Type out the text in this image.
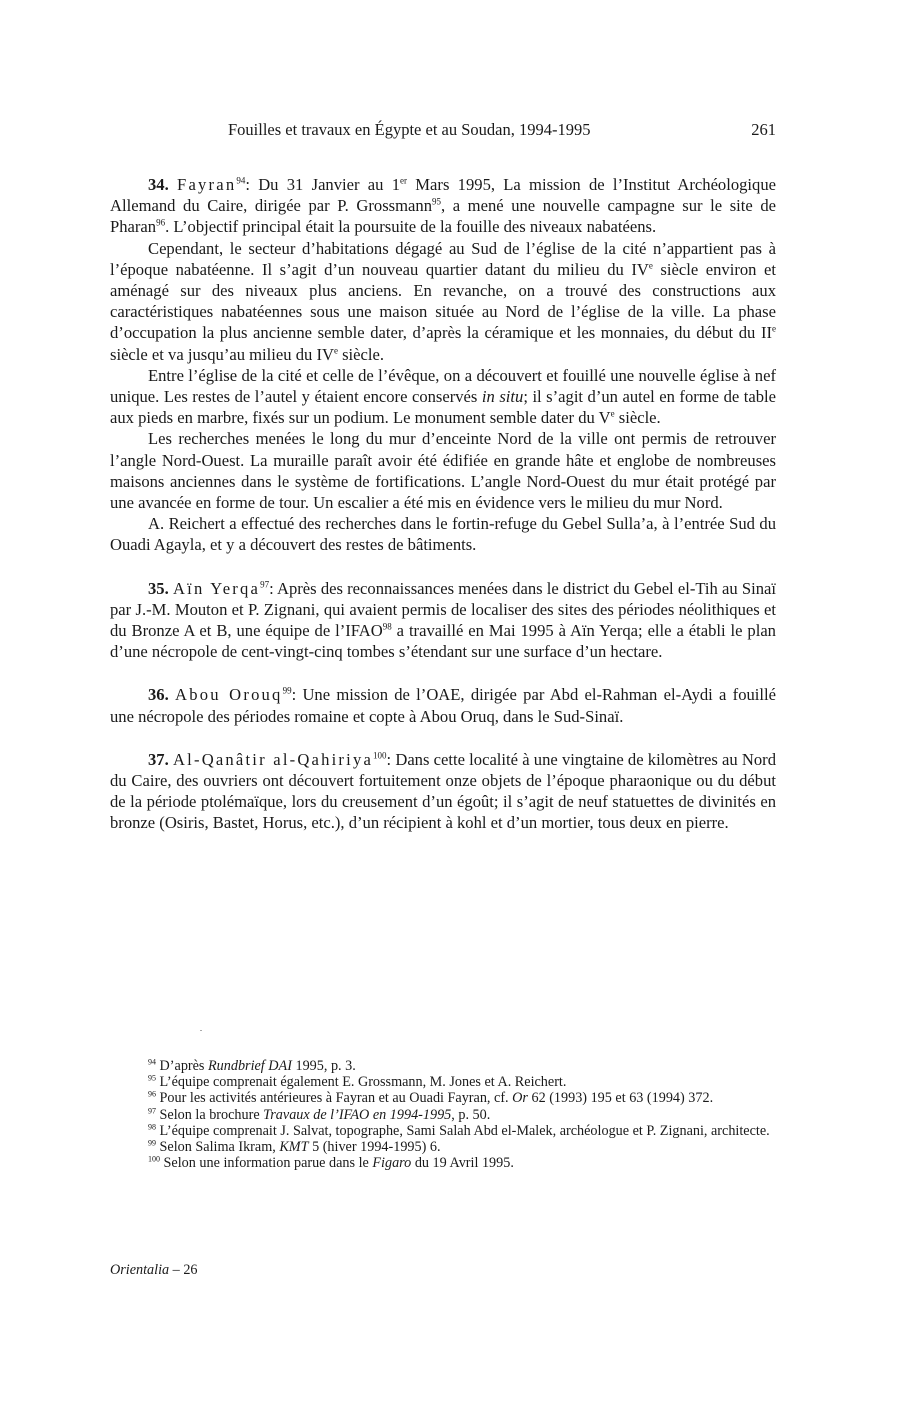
Fouilles et travaux en Égypte et au Soudan, 1994-1995	261

34. Fayran$^{94}$: Du 31 Janvier au 1er Mars 1995, La mission de l’Institut Archéologique Allemand du Caire, dirigée par P. Grossmann$^{95}$, a mené une nouvelle campagne sur le site de Pharan$^{96}$. L’objectif principal était la poursuite de la fouille des niveaux nabatéens.

Cependant, le secteur d’habitations dégagé au Sud de l’église de la cité n’appartient pas à l’époque nabatéenne. Il s’agit d’un nouveau quartier datant du milieu du IVe siècle environ et aménagé sur des niveaux plus anciens. En revanche, on a trouvé des constructions aux caractéristiques nabatéennes sous une maison située au Nord de l’église de la ville. La phase d’occupation la plus ancienne semble dater, d’après la céramique et les monnaies, du début du IIe siècle et va jusqu’au milieu du IVe siècle.

Entre l’église de la cité et celle de l’évêque, on a découvert et fouillé une nouvelle église à nef unique. Les restes de l’autel y étaient encore conservés in situ; il s’agit d’un autel en forme de table aux pieds en marbre, fixés sur un podium. Le monument semble dater du Ve siècle.

Les recherches menées le long du mur d’enceinte Nord de la ville ont permis de retrouver l’angle Nord-Ouest. La muraille paraît avoir été édifiée en grande hâte et englobe de nombreuses maisons anciennes dans le système de fortifications. L’angle Nord-Ouest du mur était protégé par une avancée en forme de tour. Un escalier a été mis en évidence vers le milieu du mur Nord.

A. Reichert a effectué des recherches dans le fortin-refuge du Gebel Sulla’a, à l’entrée Sud du Ouadi Agayla, et y a découvert des restes de bâtiments.

35. Aïn Yerqa$^{97}$: Après des reconnaissances menées dans le district du Gebel el-Tih au Sinaï par J.-M. Mouton et P. Zignani, qui avaient permis de localiser des sites des périodes néolithiques et du Bronze A et B, une équipe de l’IFAO$^{98}$ a travaillé en Mai 1995 à Aïn Yerqa; elle a établi le plan d’une nécropole de cent-vingt-cinq tombes s’étendant sur une surface d’un hectare.

36. Abou Orouq$^{99}$: Une mission de l’OAE, dirigée par Abd el-Rahman el-Aydi a fouillé une nécropole des périodes romaine et copte à Abou Oruq, dans le Sud-Sinaï.

37. Al-Qanâtir al-Qahiriya$^{100}$: Dans cette localité à une vingtaine de kilomètres au Nord du Caire, des ouvriers ont découvert fortuitement onze objets de l’époque pharaonique ou du début de la période ptolémaïque, lors du creusement d’un égoût; il s’agit de neuf statuettes de divinités en bronze (Osiris, Bastet, Horus, etc.), d’un récipient à kohl et d’un mortier, tous deux en pierre.

$^{94}$ D’après Rundbrief DAI 1995, p. 3.

$^{95}$ L’équipe comprenait également E. Grossmann, M. Jones et A. Reichert.

$^{96}$ Pour les activités antérieures à Fayran et au Ouadi Fayran, cf. Or 62 (1993) 195 et 63 (1994) 372.

$^{97}$ Selon la brochure Travaux de l’IFAO en 1994-1995, p. 50.

$^{98}$ L’équipe comprenait J. Salvat, topographe, Sami Salah Abd el-Malek, archéologue et P. Zignani, architecte.

$^{99}$ Selon Salima Ikram, KMT 5 (hiver 1994-1995) 6.

$^{100}$ Selon une information parue dans le Figaro du 19 Avril 1995.

Orientalia – 26
